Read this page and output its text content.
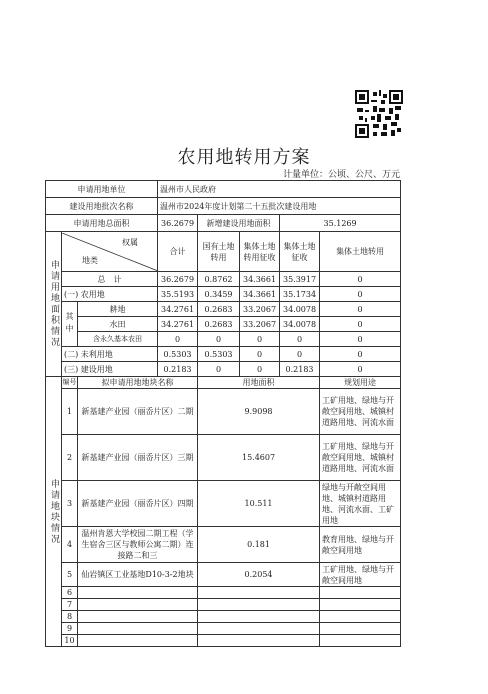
农用地转用方案
计量单位：公顷、公尺、万元
申请用地单位			温州市人民政府				
建设用地批次名称			温州市2024年度计划第二十五批次建设用地				
申请用地总面积			36.2679	新增建设用地面积		35.1269	
申请用地面积情况	权属
地类		合计	国有土地转用	集体土地转用征收	集体土地征收	集体土地转用
	总　计		36.2679	0.8762	34.3661	35.3917	0
	(一) 农用地		35.5193	0.3459	34.3661	35.1734	0
	其中	耕地	34.2761	0.2683	33.2067	34.0078	0
		水田	34.2761	0.2683	33.2067	34.0078	0
		含永久基本农田	0	0	0	0	0
	(二) 未利用地		0.5303	0.5303	0	0	0
	(三) 建设用地		0.2183	0	0	0.2183	0
申请地块情况	编号	拟申请用地地块名称		用地面积			规划用途
	1	新基建产业园（丽岙片区）二期		9.9098			工矿用地、绿地与开敞空间用地、城镇村道路用地、河流水面
	2	新基建产业园（丽岙片区）三期		15.4607			工矿用地、绿地与开敞空间用地、城镇村道路用地、河流水面
	3	新基建产业园（丽岙片区）四期		10.511			绿地与开敞空间用地、城镇村道路用地、河流水面、工矿用地
	4	温州肯恩大学校园二期工程（学生宿舍三区与教师公寓二期）连接路二和三		0.181			教育用地、绿地与开敞空间用地
	5	仙岩镇区工业基地D10-3-2地块		0.2054			工矿用地、绿地与开敞空间用地
	6						
	7						
	8						
	9						
	10						
